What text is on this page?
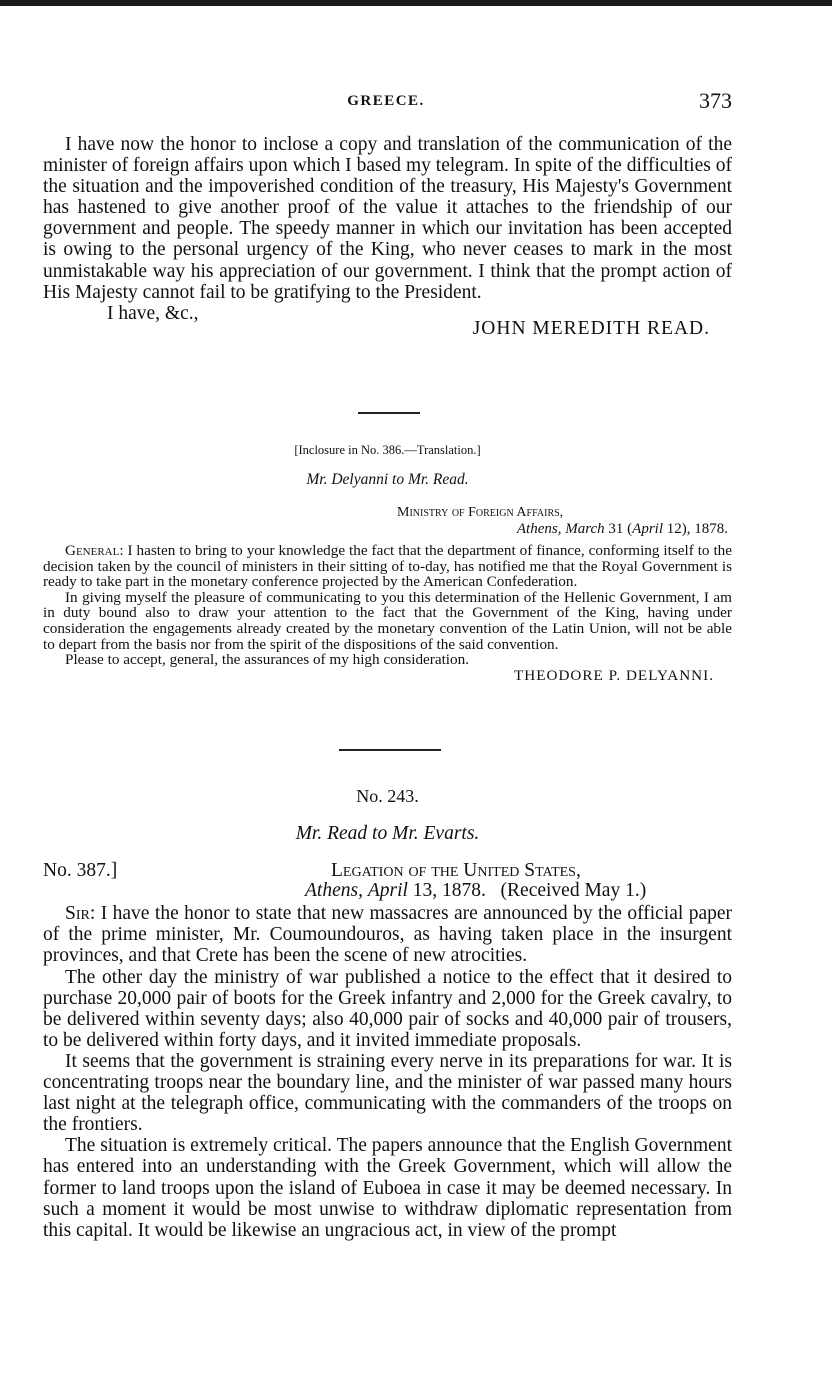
GREECE.	373

I have now the honor to inclose a copy and translation of the communication of the minister of foreign affairs upon which I based my telegram. In spite of the difficulties of the situation and the impoverished condition of the treasury, His Majesty's Government has hastened to give another proof of the value it attaches to the friendship of our government and people. The speedy manner in which our invitation has been accepted is owing to the personal urgency of the King, who never ceases to mark in the most unmistakable way his appreciation of our government. I think that the prompt action of His Majesty cannot fail to be gratifying to the President.

I have, &c.,

JOHN MEREDITH READ.

[Inclosure in No. 386.—Translation.]

Mr. Delyanni to Mr. Read.

Ministry of Foreign Affairs,

Athens, March 31 (April 12), 1878.

General: I hasten to bring to your knowledge the fact that the department of finance, conforming itself to the decision taken by the council of ministers in their sitting of to-day, has notified me that the Royal Government is ready to take part in the monetary conference projected by the American Confederation.

In giving myself the pleasure of communicating to you this determination of the Hellenic Government, I am in duty bound also to draw your attention to the fact that the Government of the King, having under consideration the engagements already created by the monetary convention of the Latin Union, will not be able to depart from the basis nor from the spirit of the dispositions of the said convention.

Please to accept, general, the assurances of my high consideration.

THEODORE P. DELYANNI.

No. 243.

Mr. Read to Mr. Evarts.

No. 387.]	Legation of the United States,

Athens, April 13, 1878. (Received May 1.)

Sir: I have the honor to state that new massacres are announced by the official paper of the prime minister, Mr. Coumoundouros, as having taken place in the insurgent provinces, and that Crete has been the scene of new atrocities.

The other day the ministry of war published a notice to the effect that it desired to purchase 20,000 pair of boots for the Greek infantry and 2,000 for the Greek cavalry, to be delivered within seventy days; also 40,000 pair of socks and 40,000 pair of trousers, to be delivered within forty days, and it invited immediate proposals.

It seems that the government is straining every nerve in its preparations for war. It is concentrating troops near the boundary line, and the minister of war passed many hours last night at the telegraph office, communicating with the commanders of the troops on the frontiers.

The situation is extremely critical. The papers announce that the English Government has entered into an understanding with the Greek Government, which will allow the former to land troops upon the island of Euboea in case it may be deemed necessary. In such a moment it would be most unwise to withdraw diplomatic representation from this capital. It would be likewise an ungracious act, in view of the prompt
